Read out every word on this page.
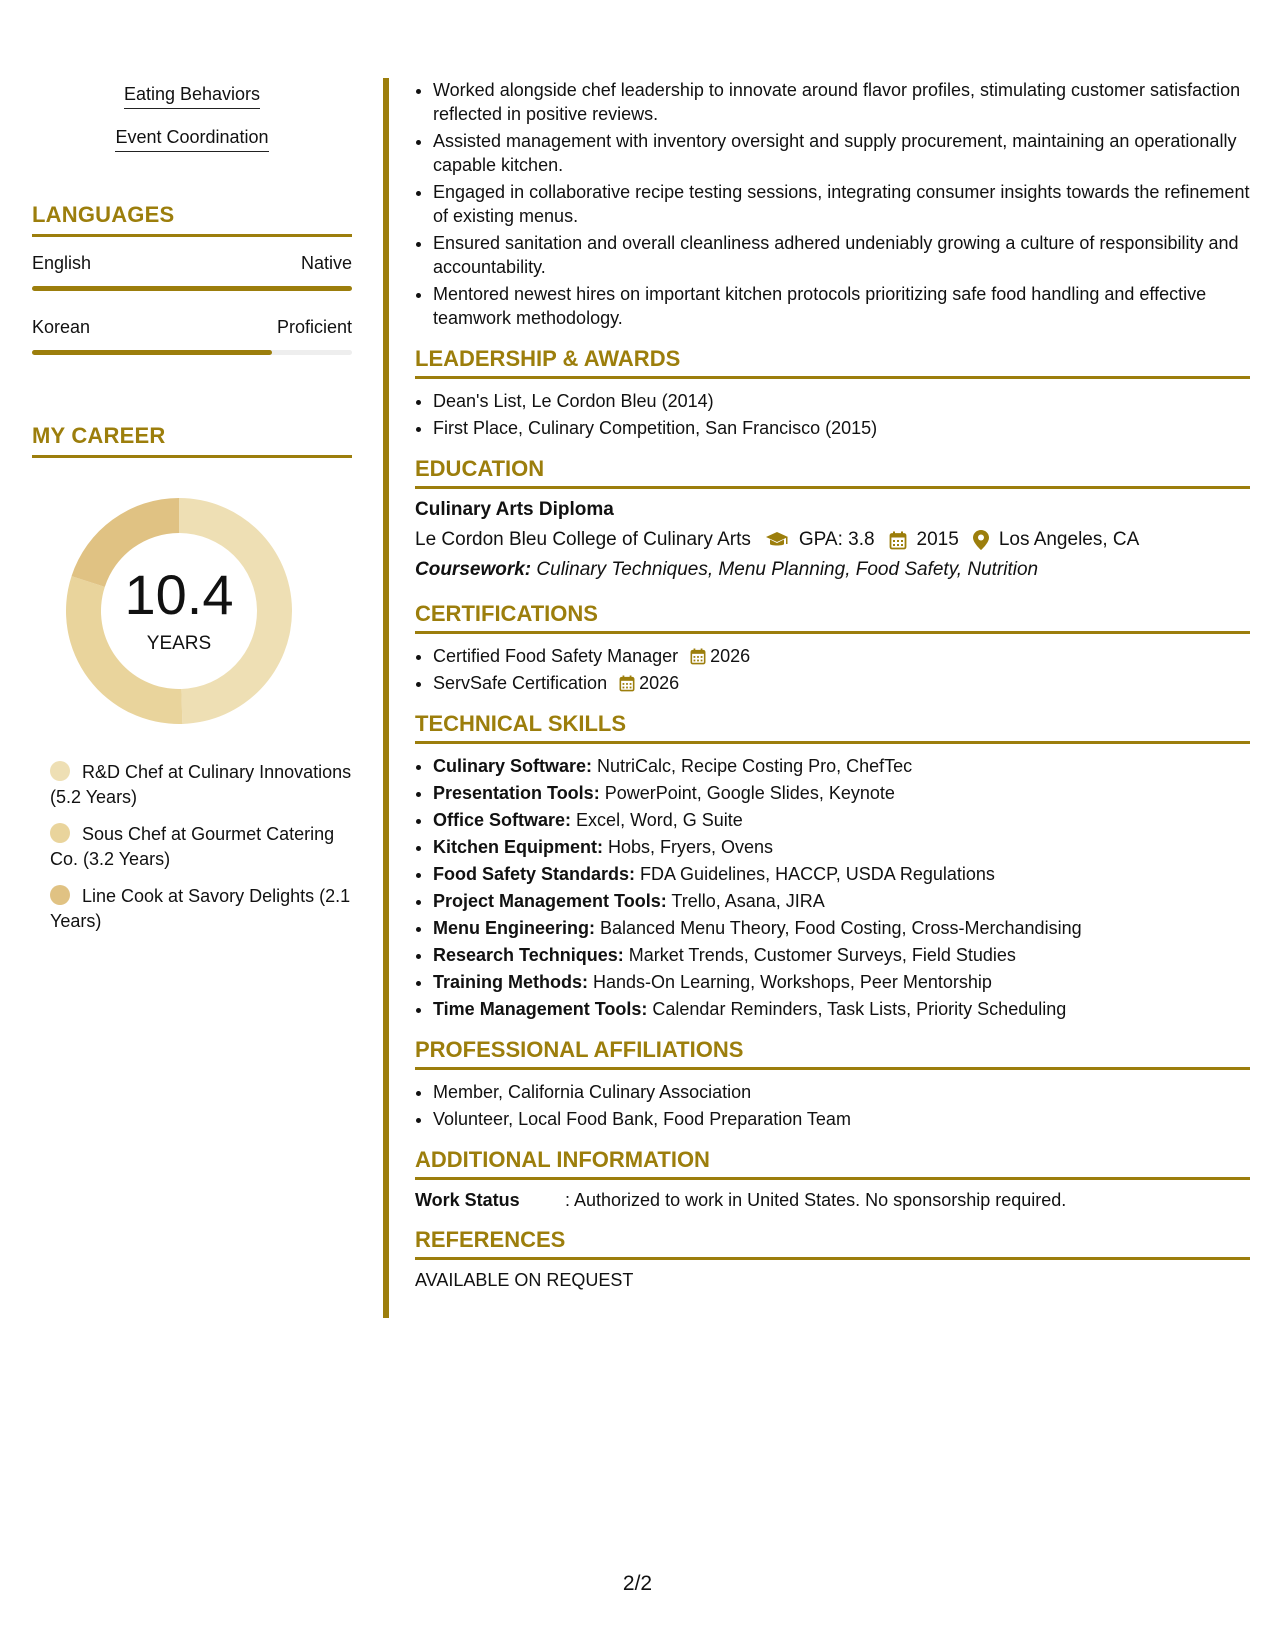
Eating Behaviors
Event Coordination
LANGUAGES
English	Native
Korean	Proficient
MY CAREER
10.4
YEARS
R&D Chef at Culinary Innovations (5.2 Years)
Sous Chef at Gourmet Catering Co. (3.2 Years)
Line Cook at Savory Delights (2.1 Years)
• Worked alongside chef leadership to innovate around flavor profiles, stimulating customer satisfaction reflected in positive reviews.
• Assisted management with inventory oversight and supply procurement, maintaining an operationally capable kitchen.
• Engaged in collaborative recipe testing sessions, integrating consumer insights towards the refinement of existing menus.
• Ensured sanitation and overall cleanliness adhered undeniably growing a culture of responsibility and accountability.
• Mentored newest hires on important kitchen protocols prioritizing safe food handling and effective teamwork methodology.
LEADERSHIP & AWARDS
• Dean's List, Le Cordon Bleu (2014)
• First Place, Culinary Competition, San Francisco (2015)
EDUCATION
Culinary Arts Diploma
Le Cordon Bleu College of Culinary Arts	GPA: 3.8 2015 Los Angeles, CA
Coursework: Culinary Techniques, Menu Planning, Food Safety, Nutrition
CERTIFICATIONS
• Certified Food Safety Manager 2026
• ServSafe Certification 2026
TECHNICAL SKILLS
• Culinary Software: NutriCalc, Recipe Costing Pro, ChefTec
• Presentation Tools: PowerPoint, Google Slides, Keynote
• Office Software: Excel, Word, G Suite
• Kitchen Equipment: Hobs, Fryers, Ovens
• Food Safety Standards: FDA Guidelines, HACCP, USDA Regulations
• Project Management Tools: Trello, Asana, JIRA
• Menu Engineering: Balanced Menu Theory, Food Costing, Cross-Merchandising
• Research Techniques: Market Trends, Customer Surveys, Field Studies
• Training Methods: Hands-On Learning, Workshops, Peer Mentorship
• Time Management Tools: Calendar Reminders, Task Lists, Priority Scheduling
PROFESSIONAL AFFILIATIONS
• Member, California Culinary Association
• Volunteer, Local Food Bank, Food Preparation Team
ADDITIONAL INFORMATION
Work Status	: Authorized to work in United States. No sponsorship required.
REFERENCES
AVAILABLE ON REQUEST
2/2
